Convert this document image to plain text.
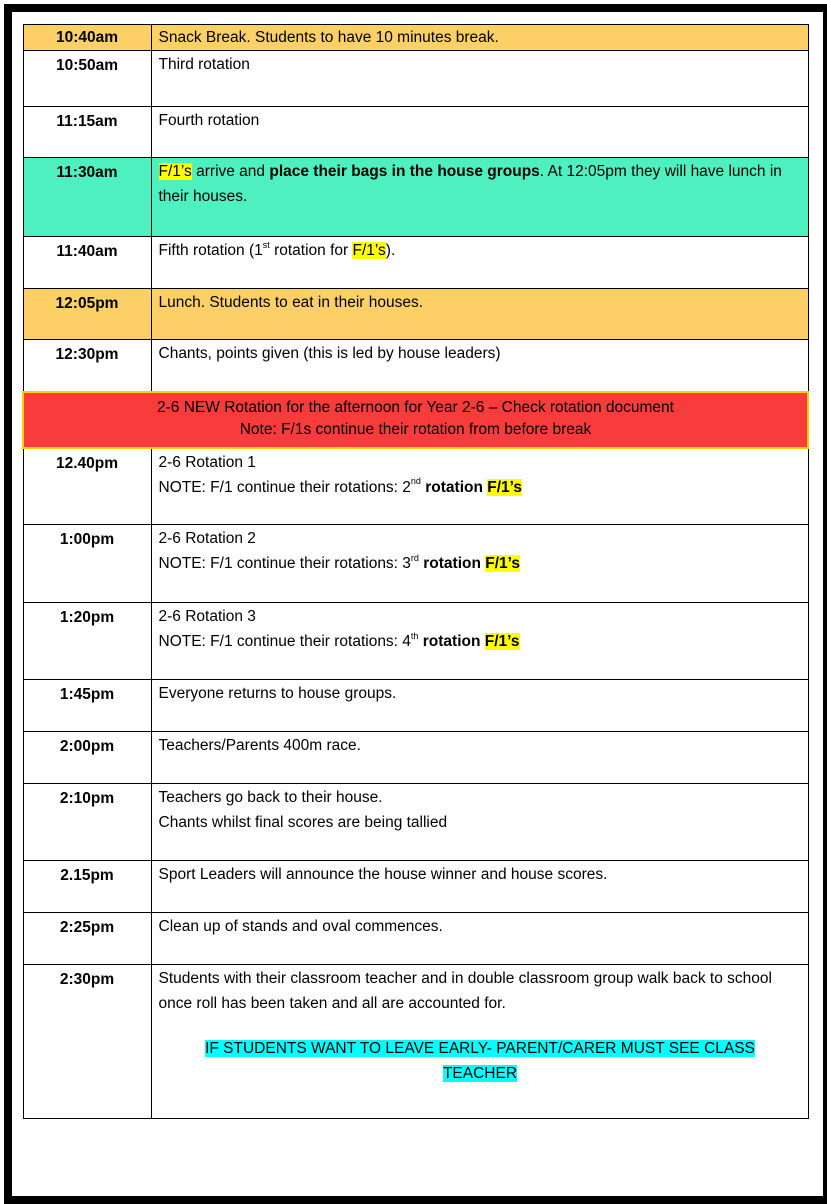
10:40am	Snack Break. Students to have 10 minutes break.
10:50am	Third rotation
11:15am	Fourth rotation
11:30am	F/1’s arrive and place their bags in the house groups. At 12:05pm they will have lunch in their houses.
11:40am	Fifth rotation (1st rotation for F/1’s).
12:05pm	Lunch. Students to eat in their houses.
12:30pm	Chants, points given (this is led by house leaders)

2-6 NEW Rotation for the afternoon for Year 2-6 – Check rotation document
Note: F/1s continue their rotation from before break	

12.40pm	2-6 Rotation 1
NOTE: F/1 continue their rotations: 2nd rotation F/1’s

1:00pm	2-6 Rotation 2
NOTE: F/1 continue their rotations: 3rd rotation F/1’s

1:20pm	2-6 Rotation 3
NOTE: F/1 continue their rotations: 4th rotation F/1’s

1:45pm	Everyone returns to house groups.
2:00pm	Teachers/Parents 400m race.
2:10pm	Teachers go back to their house.
Chants whilst final scores are being tallied

2.15pm	Sport Leaders will announce the house winner and house scores.
2:25pm	Clean up of stands and oval commences.
2:30pm	Students with their classroom teacher and in double classroom group walk back to school once roll has been taken and all are accounted for.
IF STUDENTS WANT TO LEAVE EARLY- PARENT/CARER MUST SEE CLASS
TEACHER
